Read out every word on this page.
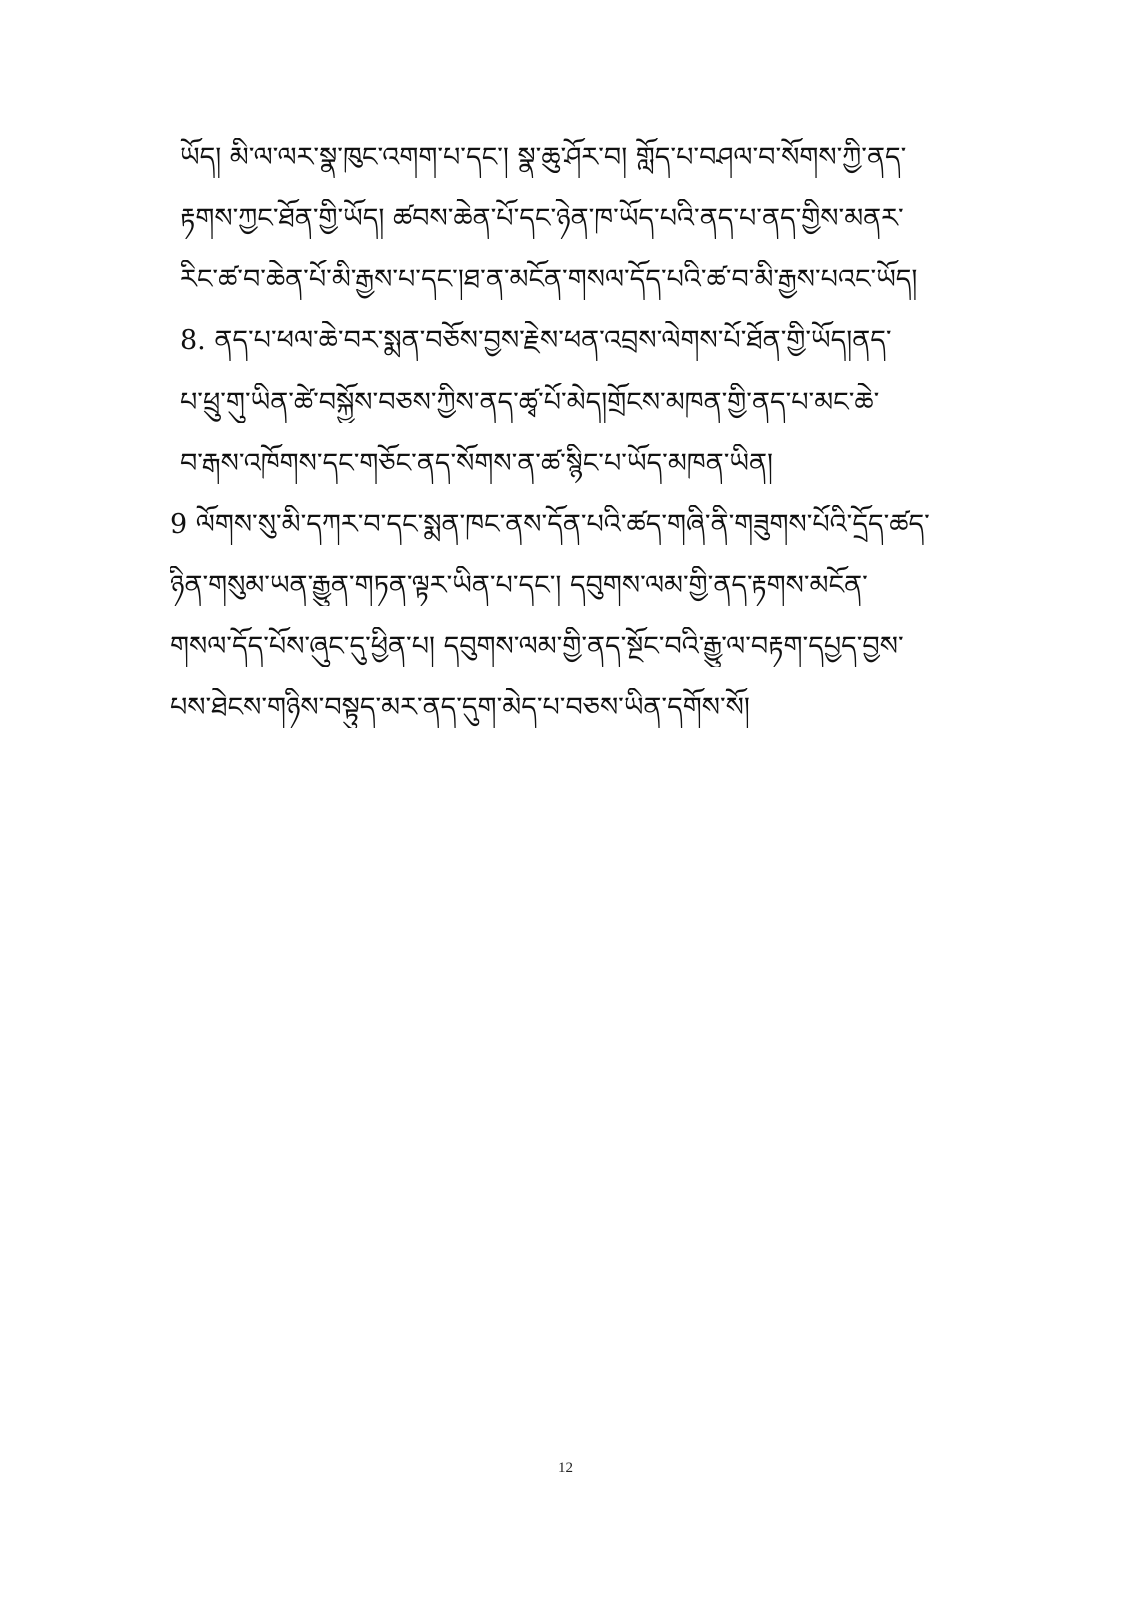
ཡོད། མི་ལ་ལར་སྣ་ཁུང་འགག་པ་དང་། སྣ་ཆུ་ཤོར་བ། གློད་པ་བཤལ་བ་སོགས་ཀྱི་ནད་
རྟགས་ཀྱང་ཐོན་གྱི་ཡོད། ཚབས་ཆེན་པོ་དང་ཉེན་ཁ་ཡོད་པའི་ནད་པ་ནད་གྱིས་མནར་
རིང་ཚ་བ་ཆེན་པོ་མི་རྒྱས་པ་དང་།ཐ་ན་མངོན་གསལ་དོད་པའི་ཚ་བ་མི་རྒྱས་པའང་ཡོད།
8. ནད་པ་ཕལ་ཆེ་བར་སྨན་བཅོས་བྱས་རྗེས་ཕན་འབྲས་ལེགས་པོ་ཐོན་གྱི་ཡོད།ནད་
པ་ཕྲུ་གུ་ཡིན་ཚེ་བསྐྱོས་བཅས་ཀྱིས་ནད་ཚྭ་པོ་མེད།གྲོངས་མཁན་གྱི་ནད་པ་མང་ཆེ་
བ་རྒས་འཁོགས་དང་གཅོང་ནད་སོགས་ན་ཚ་སྙིང་པ་ཡོད་མཁན་ཡིན།
9 ལོགས་སུ་མི་དཀར་བ་དང་སྨན་ཁང་ནས་དོན་པའི་ཚད་གཞི་ནི་གཟུགས་པོའི་དྲོད་ཚད་
ཉིན་གསུམ་ཡན་རྒྱུན་གཏན་ལྟར་ཡིན་པ་དང་། དབུགས་ལམ་གྱི་ནད་རྟགས་མངོན་
གསལ་དོད་པོས་ཞུང་དུ་ཕྱིན་པ། དབུགས་ལམ་གྱི་ནད་སྔོང་བའི་རྒྱུ་ལ་བརྟག་དཔྱད་བྱས་
པས་ཐེངས་གཉིས་བསྟུད་མར་ནད་དུག་མེད་པ་བཅས་ཡིན་དགོས་སོ།
12
